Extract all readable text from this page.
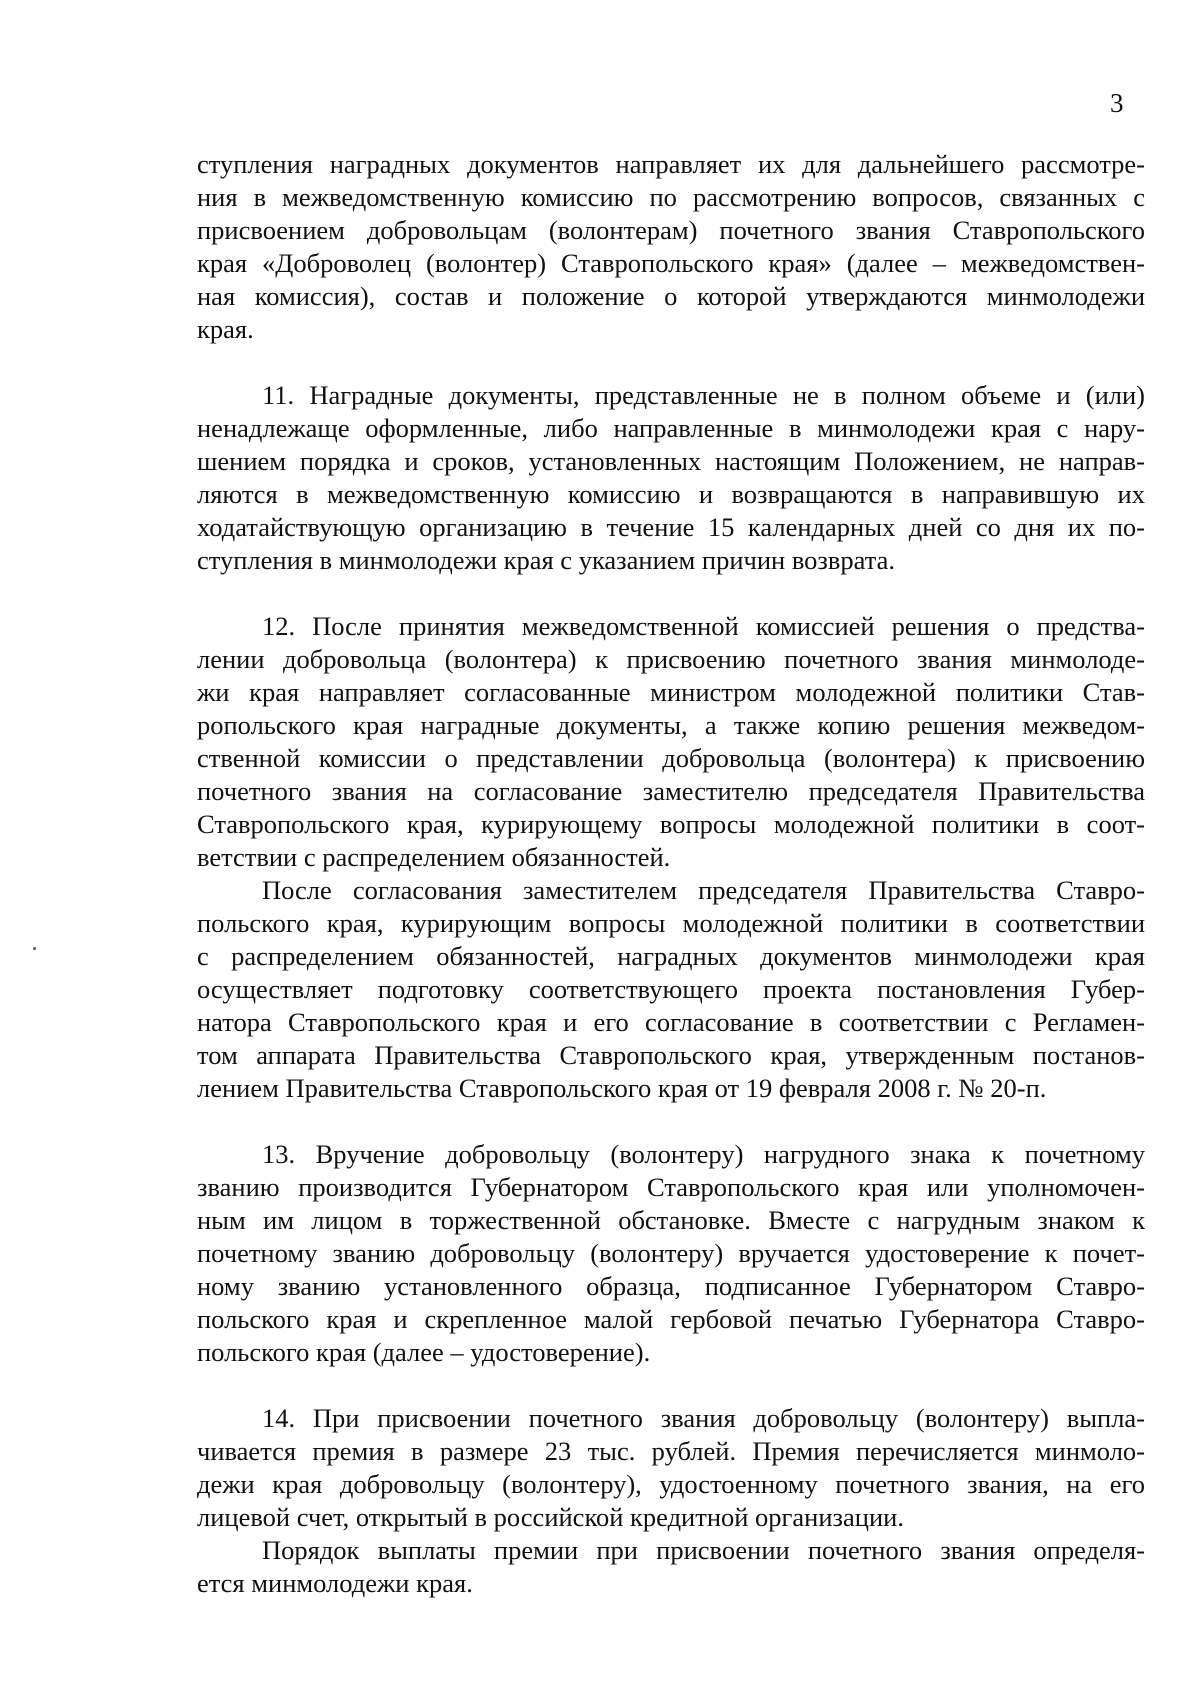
3
ступления наградных документов направляет их для дальнейшего рассмотре-
ния в межведомственную комиссию по рассмотрению вопросов, связанных с
присвоением добровольцам (волонтерам) почетного звания Ставропольского
края «Доброволец (волонтер) Ставропольского края» (далее – межведомствен-
ная комиссия), состав и положение о которой утверждаются минмолодежи
края.
11. Наградные документы, представленные не в полном объеме и (или)
ненадлежаще оформленные, либо направленные в минмолодежи края с нару-
шением порядка и сроков, установленных настоящим Положением, не направ-
ляются в межведомственную комиссию и возвращаются в направившую их
ходатайствующую организацию в течение 15 календарных дней со дня их по-
ступления в минмолодежи края с указанием причин возврата.
12. После принятия межведомственной комиссией решения о предства-
лении добровольца (волонтера) к присвоению почетного звания минмолоде-
жи края направляет согласованные министром молодежной политики Став-
ропольского края наградные документы, а также копию решения межведом-
ственной комиссии о представлении добровольца (волонтера) к присвоению
почетного звания на согласование заместителю председателя Правительства
Ставропольского края, курирующему вопросы молодежной политики в соот-
ветствии с распределением обязанностей.
После согласования заместителем председателя Правительства Ставро-
польского края, курирующим вопросы молодежной политики в соответствии
с распределением обязанностей, наградных документов минмолодежи края
осуществляет подготовку соответствующего проекта постановления Губер-
натора Ставропольского края и его согласование в соответствии с Регламен-
том аппарата Правительства Ставропольского края, утвержденным постанов-
лением Правительства Ставропольского края от 19 февраля 2008 г. № 20-п.
13. Вручение добровольцу (волонтеру) нагрудного знака к почетному
званию производится Губернатором Ставропольского края или уполномочен-
ным им лицом в торжественной обстановке. Вместе с нагрудным знаком к
почетному званию добровольцу (волонтеру) вручается удостоверение к почет-
ному званию установленного образца, подписанное Губернатором Ставро-
польского края и скрепленное малой гербовой печатью Губернатора Ставро-
польского края (далее – удостоверение).
14. При присвоении почетного звания добровольцу (волонтеру) выпла-
чивается премия в размере 23 тыс. рублей. Премия перечисляется минмоло-
дежи края добровольцу (волонтеру), удостоенному почетного звания, на его
лицевой счет, открытый в российской кредитной организации.
Порядок выплаты премии при присвоении почетного звания определя-
ется минмолодежи края.
